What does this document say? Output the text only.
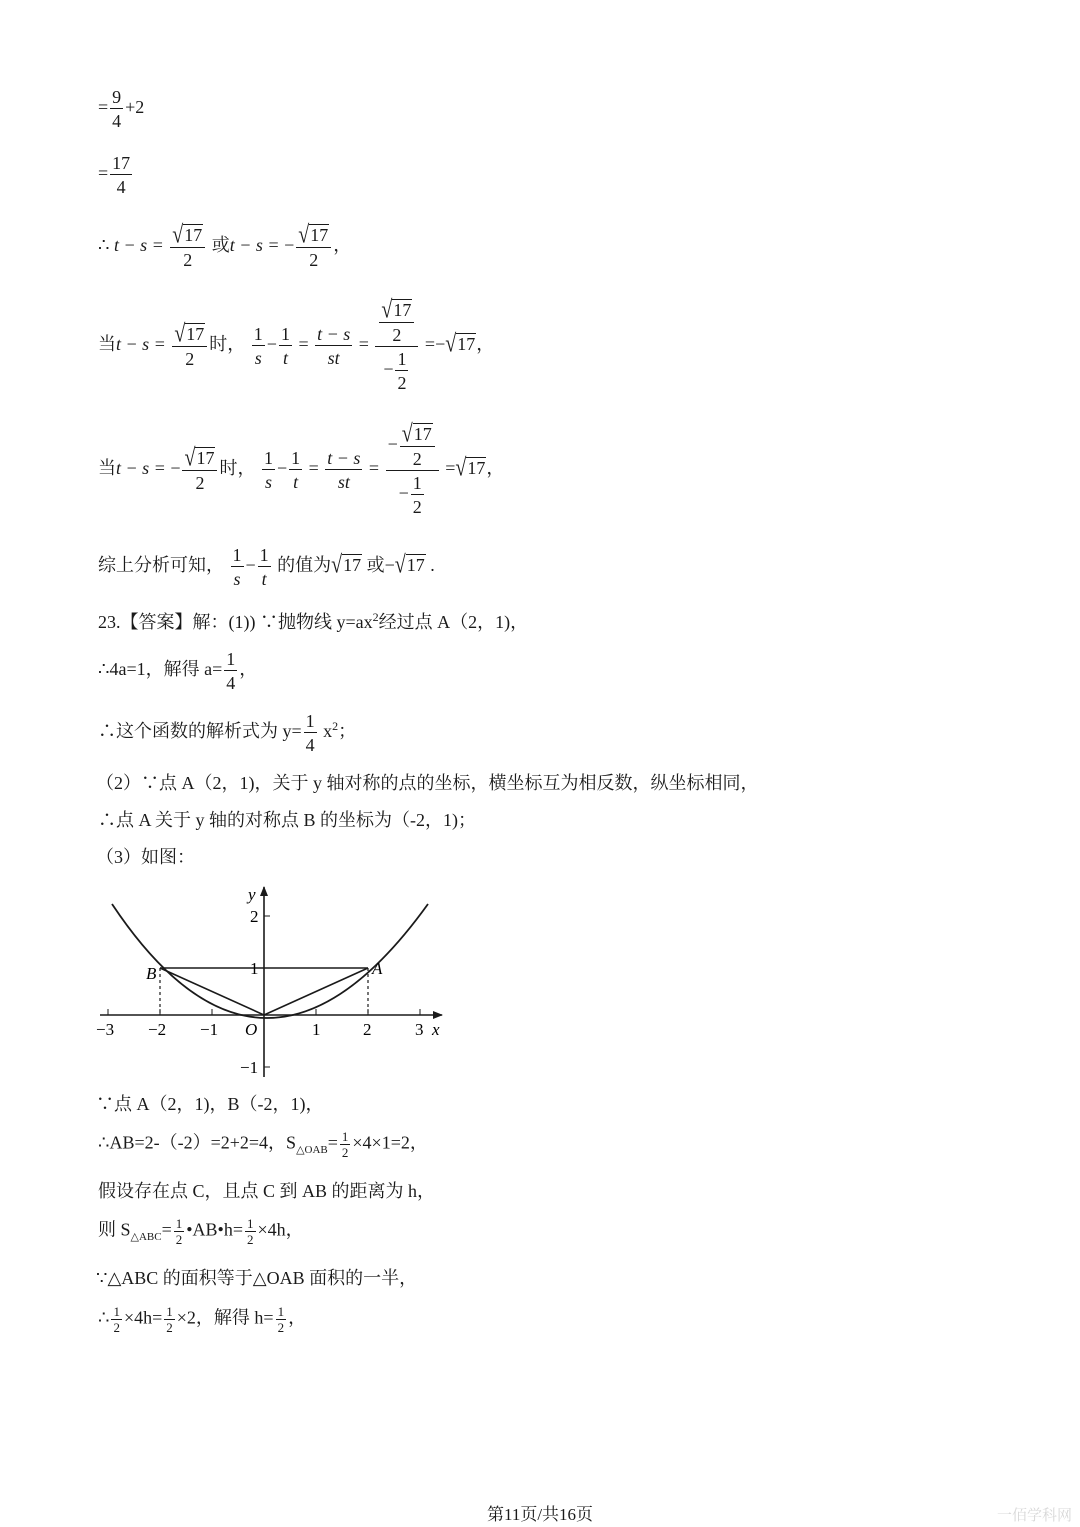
= $\frac{9}{4} +2$
= $\frac{17}{4}$
∴ $t - s = \frac{√17}{2}$ 或t − s = − $\frac{√17}{2}$ ，
当$t - s = \frac{√17}{2}$ 时， $\frac{1}{s} - \frac{1}{t} = \frac{t - s}{st} = \frac{\frac{√17}{2}}{- \frac{1}{2}} =-√17$，
当t − s = − $\frac{√17}{2}$ 时， $\frac{1}{s} - \frac{1}{t} = \frac{t - s}{st} = \frac{- \frac{√17}{2}}{- \frac{1}{2}} =√17$，
综上分析可知， $\frac{1}{s} - \frac{1}{t}$ 的值为√17 或−√17 .
23.【答案】解：(1)) ∵抛物线 $y=ax^2$经过点 A（2，1)，
∴4a=1，解得 $a= \frac{1}{4}$ ，
∴这个函数的解析式为 $y= \frac{1}{4} x^2$；
（2）∵点 A（2，1)，关于 y 轴对称的点的坐标，横坐标互为相反数，纵坐标相同，
∴点 A 关于 y 轴的对称点 B 的坐标为（-2，1)；
（3）如图：
y
x
2
1
−1
−3 −2 −1	1	2	3
O
A
B
∵点 A（2，1)，B（-2，1)，
∴AB=2-（-2）=2+2=4，$S_{\triangle OAB}= \frac{1}{2} \times 4\times 1=2$，
假设存在点 C，且点 C 到 AB 的距离为 h，
则 $S_{\triangle ABC}= \frac{1}{2}$ •AB•h= $\frac{1}{2} \times 4h$，
∵△ABC 的面积等于△OAB 面积的一半，
∴ $\frac{1}{2} \times 4h= \frac{1}{2} \times 2$，解得 $h= \frac{1}{2}$ ，
第11页/共16页	一佰学科网
